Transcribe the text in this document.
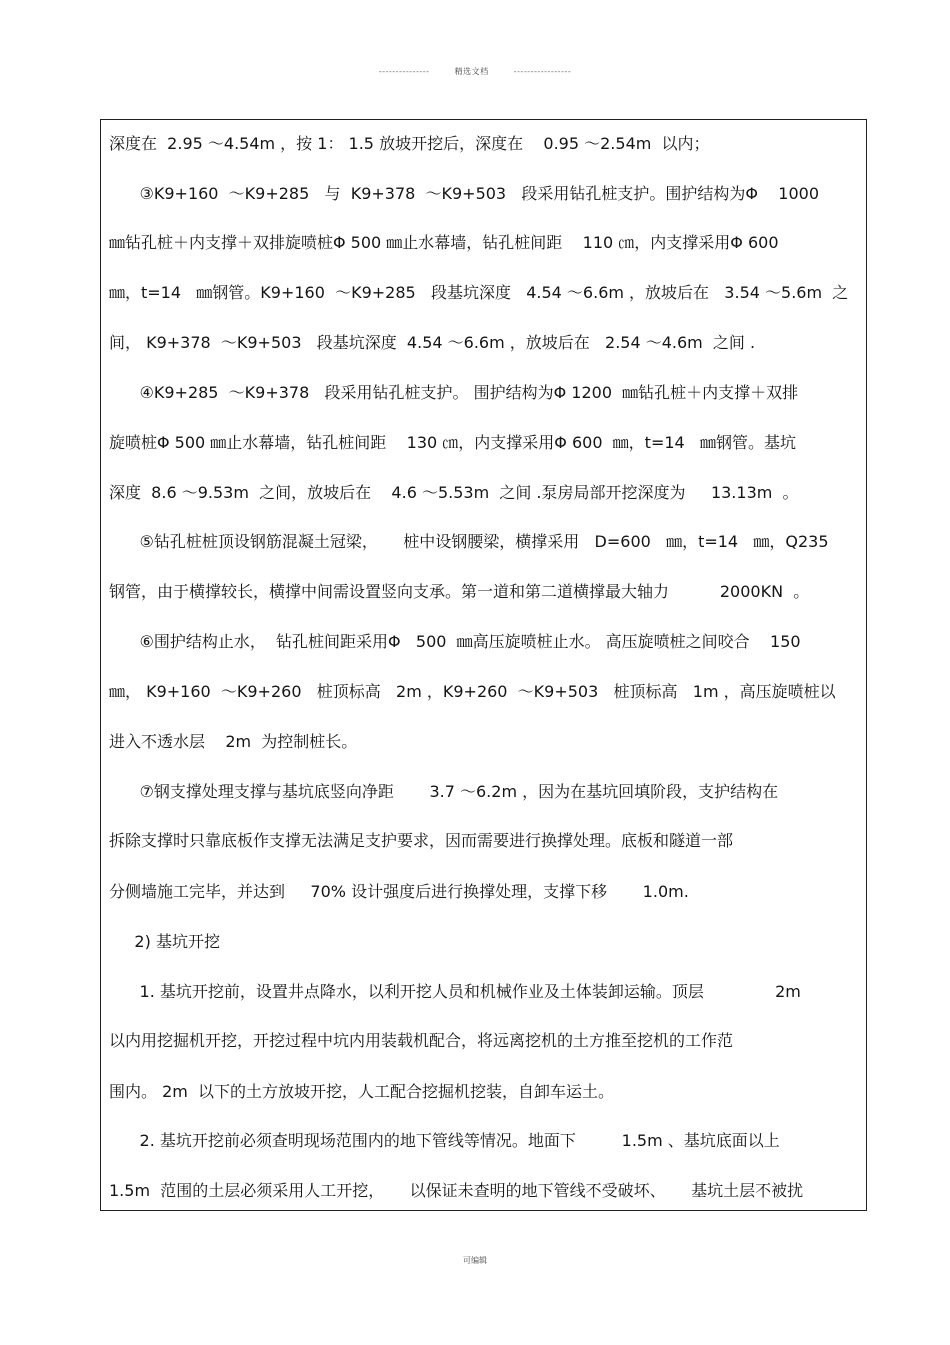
---------------	精选文档	-----------------
深度在  2.95 ～4.54m ，按 1： 1.5 放坡开挖后，深度在    0.95 ～2.54m  以内；
③K9+160  ～K9+285   与  K9+378  ～K9+503   段采用钻孔桩支护。围护结构为Φ    1000
㎜钻孔桩＋内支撑＋双排旋喷桩Φ 500 ㎜止水幕墙，钻孔桩间距    110 ㎝，内支撑采用Φ 600
㎜，t=14   ㎜钢管。K9+160  ～K9+285   段基坑深度   4.54 ～6.6m ，放坡后在   3.54 ～5.6m  之
间， K9+378  ～K9+503   段基坑深度  4.54 ～6.6m ，放坡后在   2.54 ～4.6m  之间 .
④K9+285  ～K9+378   段采用钻孔桩支护。 围护结构为Φ 1200  ㎜钻孔桩＋内支撑＋双排
旋喷桩Φ 500 ㎜止水幕墙，钻孔桩间距    130 ㎝，内支撑采用Φ 600  ㎜，t=14   ㎜钢管。基坑
深度  8.6 ～9.53m  之间，放坡后在    4.6 ～5.53m  之间 .泵房局部开挖深度为     13.13m  。
⑤钻孔桩桩顶设钢筋混凝土冠梁，     桩中设钢腰梁，横撑采用   D=600   ㎜，t=14   ㎜，Q235
钢管，由于横撑较长，横撑中间需设置竖向支承。第一道和第二道横撑最大轴力          2000KN  。
⑥围护结构止水，  钻孔桩间距采用Φ   500  ㎜高压旋喷桩止水。 高压旋喷桩之间咬合    150
㎜， K9+160  ～K9+260   桩顶标高   2m ，K9+260  ～K9+503   桩顶标高   1m ，高压旋喷桩以
进入不透水层    2m  为控制桩长。
⑦钢支撑处理支撑与基坑底竖向净距       3.7 ～6.2m ，因为在基坑回填阶段，支护结构在
拆除支撑时只靠底板作支撑无法满足支护要求，因而需要进行换撑处理。底板和隧道一部
分侧墙施工完毕，并达到     70% 设计强度后进行换撑处理，支撑下移       1.0m.
2) 基坑开挖
1. 基坑开挖前，设置井点降水，以利开挖人员和机械作业及土体装卸运输。顶层              2m
以内用挖掘机开挖，开挖过程中坑内用装载机配合，将远离挖机的土方推至挖机的工作范
围内。 2m  以下的土方放坡开挖，人工配合挖掘机挖装，自卸车运土。
2. 基坑开挖前必须查明现场范围内的地下管线等情况。地面下         1.5m 、基坑底面以上
1.5m  范围的土层必须采用人工开挖，     以保证未查明的地下管线不受破坏、     基坑土层不被扰
可编辑
